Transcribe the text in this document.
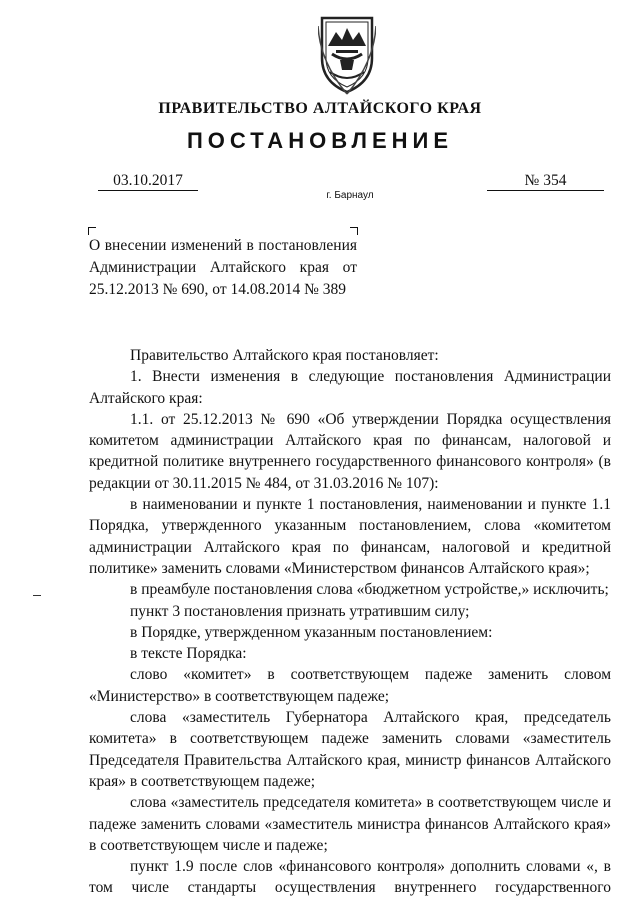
ПРАВИТЕЛЬСТВО АЛТАЙСКОГО КРАЯ
ПОСТАНОВЛЕНИЕ
03.10.2017	№ 354
г. Барнаул
О внесении изменений в постановления Администрации Алтайского края от 25.12.2013 № 690, от 14.08.2014 № 389

Правительство Алтайского края постановляет:

1. Внести изменения в следующие постановления Администрации Алтайского края:

1.1. от 25.12.2013 № 690 «Об утверждении Порядка осуществления комитетом администрации Алтайского края по финансам, налоговой и кредитной политике внутреннего государственного финансового контроля» (в редакции от 30.11.2015 № 484, от 31.03.2016 № 107):

в наименовании и пункте 1 постановления, наименовании и пункте 1.1 Порядка, утвержденного указанным постановлением, слова «комитетом администрации Алтайского края по финансам, налоговой и кредитной политике» заменить словами «Министерством финансов Алтайского края»;

в преамбуле постановления слова «бюджетном устройстве,» исключить;

пункт 3 постановления признать утратившим силу;

в Порядке, утвержденном указанным постановлением:

в тексте Порядка:

слово «комитет» в соответствующем падеже заменить словом «Министерство» в соответствующем падеже;

слова «заместитель Губернатора Алтайского края, председатель комитета» в соответствующем падеже заменить словами «заместитель Председателя Правительства Алтайского края, министр финансов Алтайского края» в соответствующем падеже;

слова «заместитель председателя комитета» в соответствующем числе и падеже заменить словами «заместитель министра финансов Алтайского края» в соответствующем числе и падеже;

пункт 1.9 после слов «финансового контроля» дополнить словами «, в том числе стандарты осуществления внутреннего государственного
